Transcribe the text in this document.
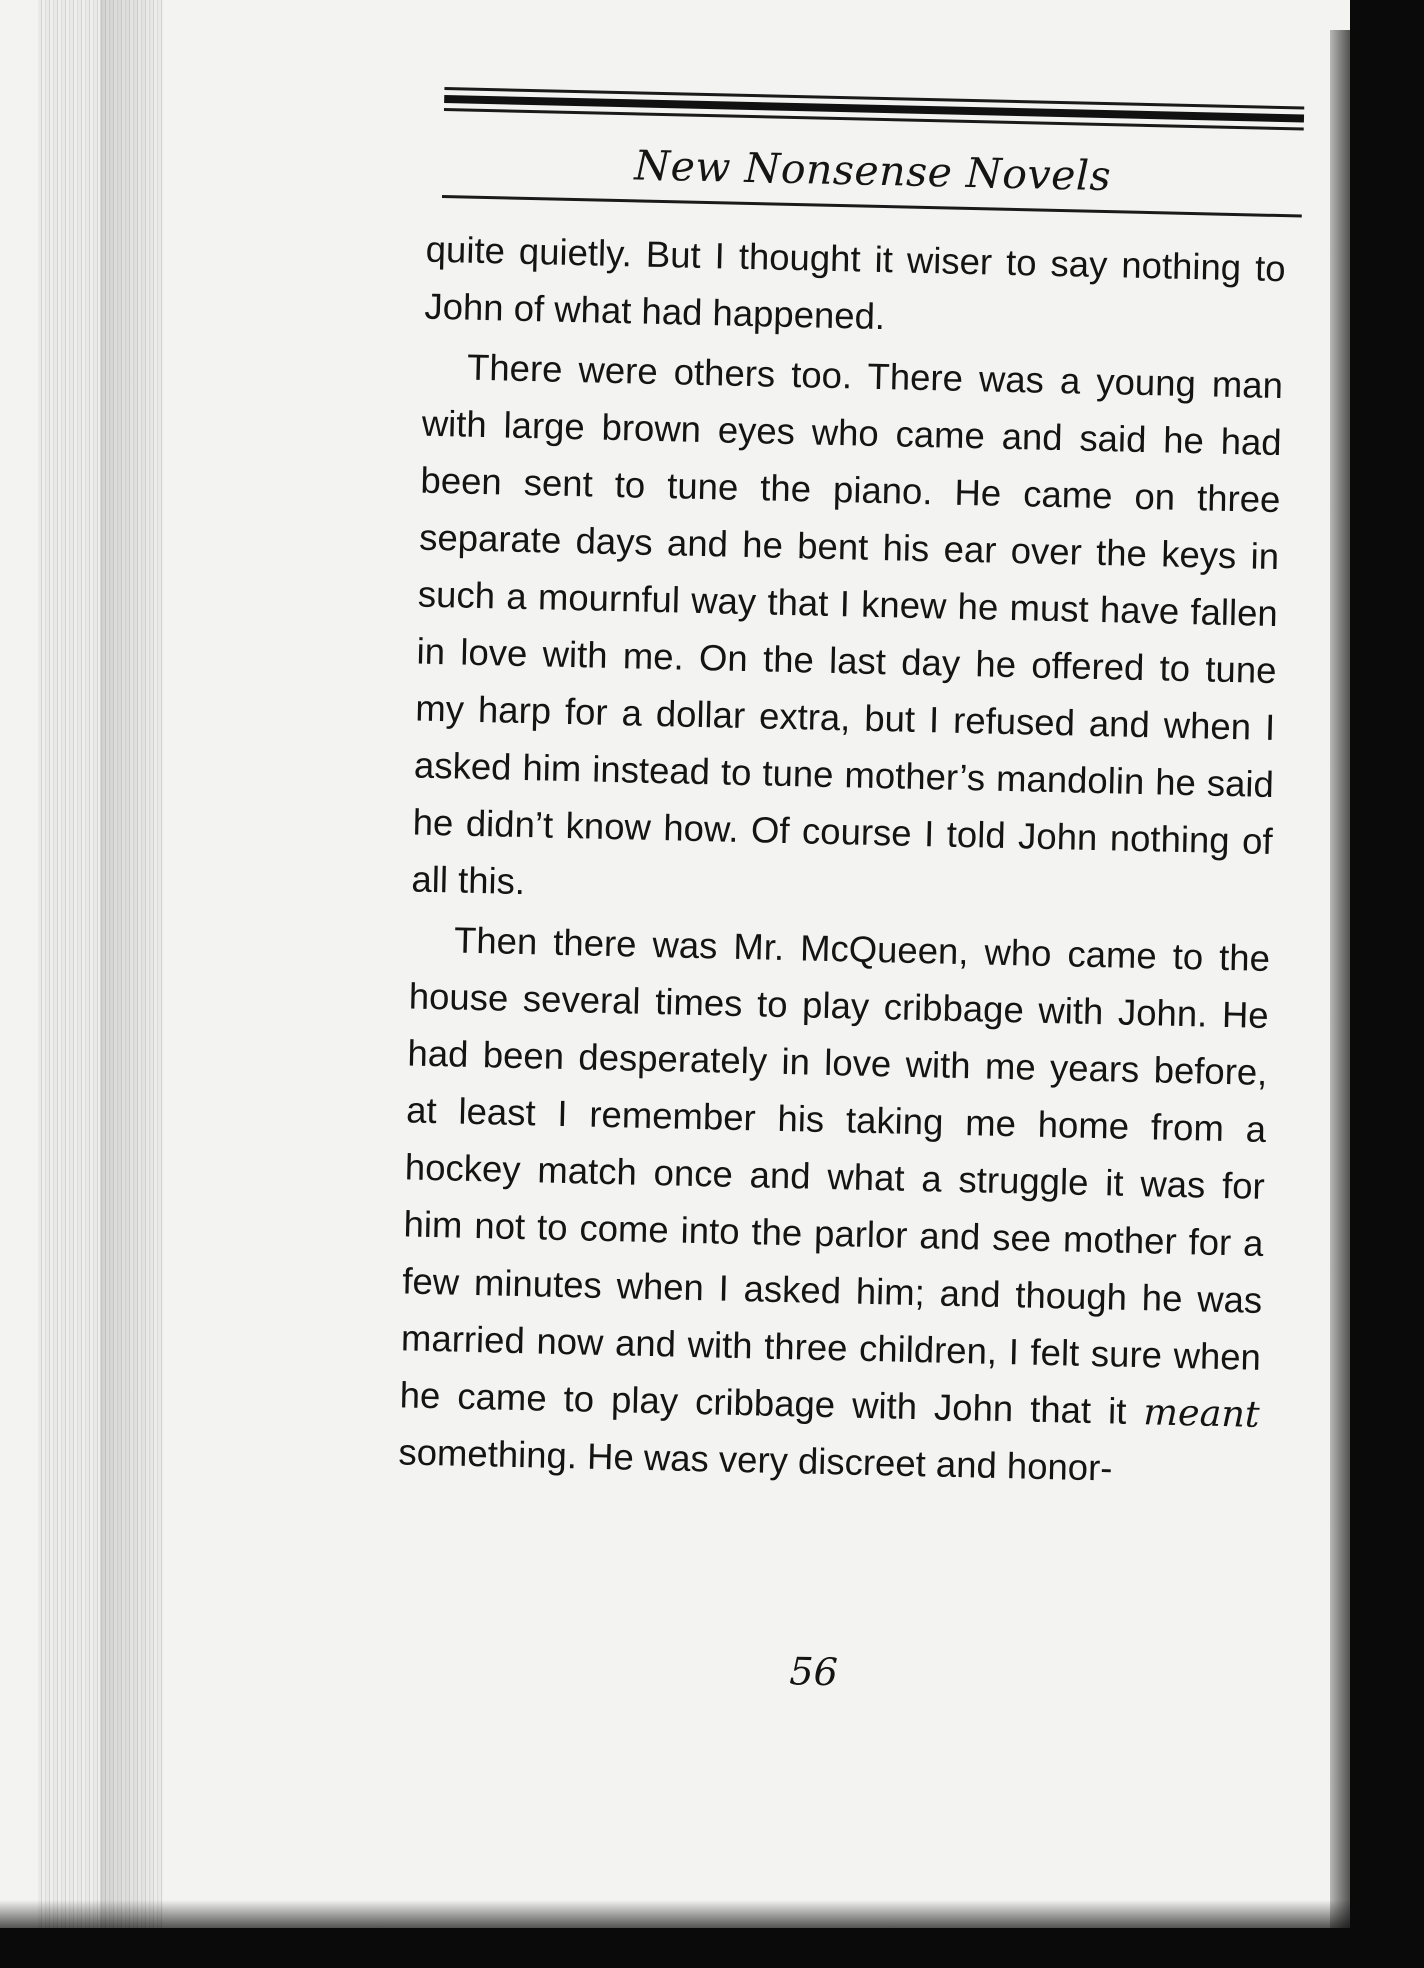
New Nonsense Novels

quite quietly. But I thought it wiser to say nothing to John of what had happened.

There were others too. There was a young man with large brown eyes who came and said he had been sent to tune the piano. He came on three separate days and he bent his ear over the keys in such a mournful way that I knew he must have fallen in love with me. On the last day he offered to tune my harp for a dollar extra, but I refused and when I asked him instead to tune mother’s mandolin he said he didn’t know how. Of course I told John nothing of all this.

Then there was Mr. McQueen, who came to the house several times to play cribbage with John. He had been desperately in love with me years before, at least I remember his taking me home from a hockey match once and what a struggle it was for him not to come into the parlor and see mother for a few minutes when I asked him; and though he was married now and with three children, I felt sure when he came to play cribbage with John that it meant something. He was very discreet and honor-

56
